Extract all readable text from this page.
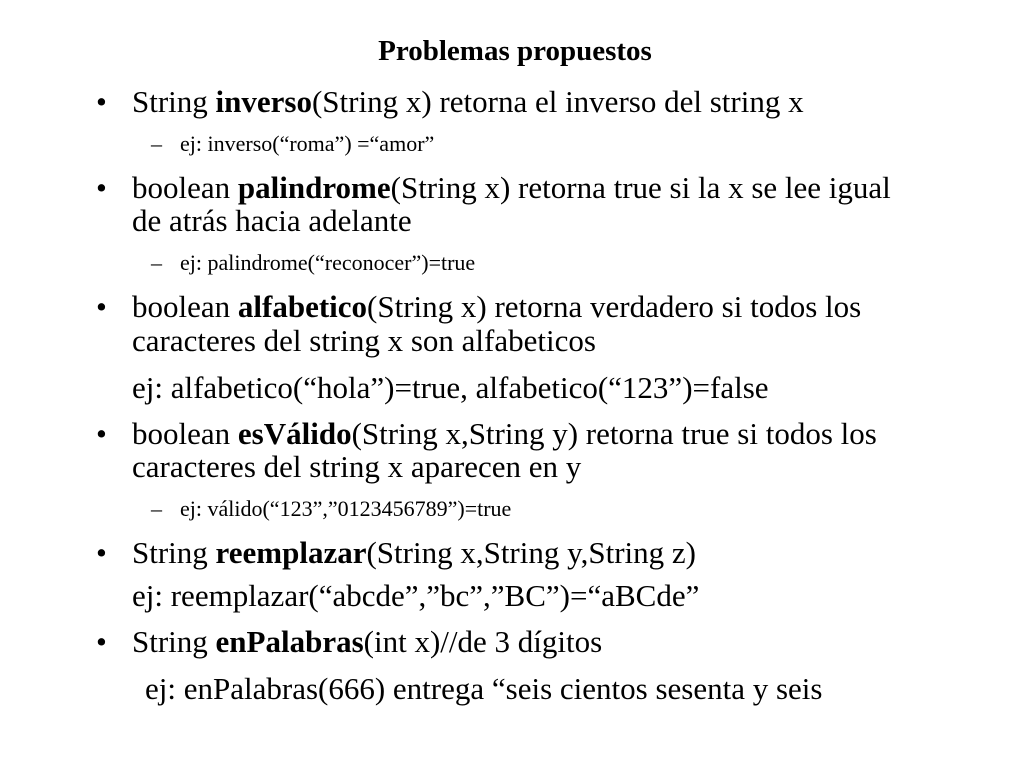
Problemas propuestos
• String inverso(String x) retorna el inverso del string x
– ej: inverso(“roma”) =“amor”
• boolean palindrome(String x) retorna true si la x se lee igual
de atrás hacia adelante
– ej: palindrome(“reconocer”)=true
• boolean alfabetico(String x) retorna verdadero si todos los
caracteres del string x son alfabeticos
ej: alfabetico(“hola”)=true, alfabetico(“123”)=false
• boolean esVálido(String x,String y) retorna true si todos los
caracteres del string x aparecen en y
– ej: válido(“123”,”0123456789”)=true
• String reemplazar(String x,String y,String z)
ej: reemplazar(“abcde”,”bc”,”BC”)=“aBCde”
• String enPalabras(int x)//de 3 dígitos
ej: enPalabras(666) entrega “seis cientos sesenta y seis
